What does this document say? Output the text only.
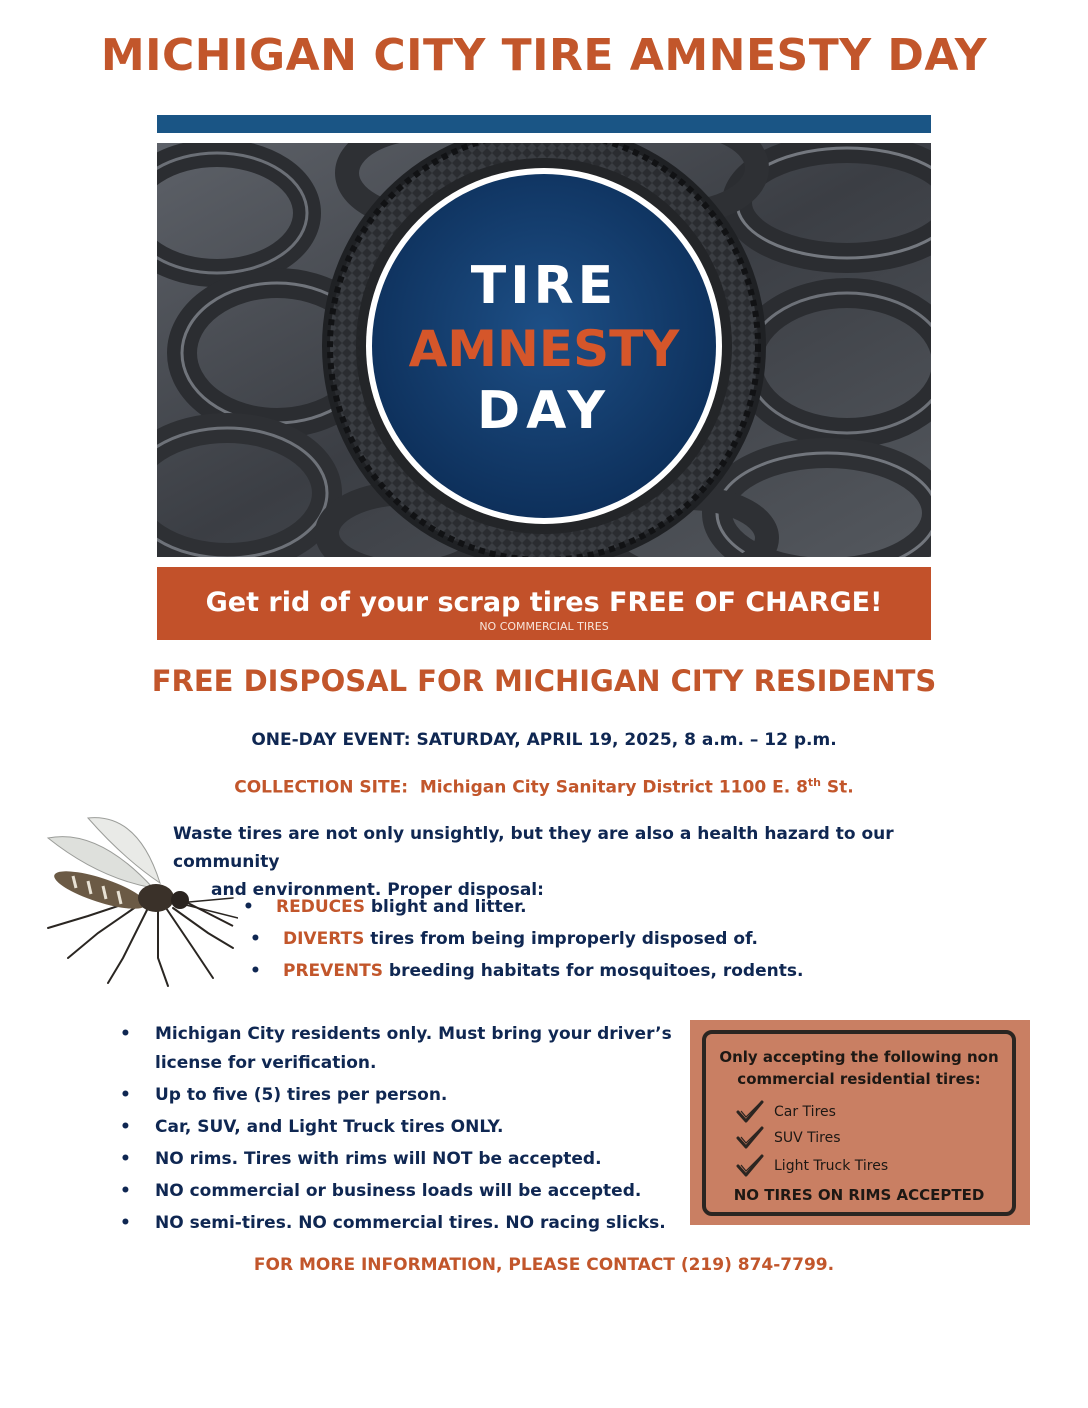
MICHIGAN CITY TIRE AMNESTY DAY
TIRE
AMNESTY
DAY
Get rid of your scrap tires FREE OF CHARGE!
NO COMMERCIAL TIRES
FREE DISPOSAL FOR MICHIGAN CITY RESIDENTS
ONE-DAY EVENT: SATURDAY, APRIL 19, 2025, 8 a.m. – 12 p.m.
COLLECTION SITE: Michigan City Sanitary District 1100 E. 8th St.
Waste tires are not only unsightly, but they are also a health hazard to our community
and environment. Proper disposal:
• REDUCES blight and litter.
• DIVERTS tires from being improperly disposed of.
• PREVENTS breeding habitats for mosquitoes, rodents.
•	Michigan City residents only. Must bring your driver’s license for verification.
•	Up to five (5) tires per person.
•	Car, SUV, and Light Truck tires ONLY.
•	NO rims. Tires with rims will NOT be accepted.
•	NO commercial or business loads will be accepted.
•	NO semi-tires. NO commercial tires. NO racing slicks.
Only accepting the following non
commercial residential tires:
Car Tires
SUV Tires
Light Truck Tires
NO TIRES ON RIMS ACCEPTED
FOR MORE INFORMATION, PLEASE CONTACT (219) 874-7799.
